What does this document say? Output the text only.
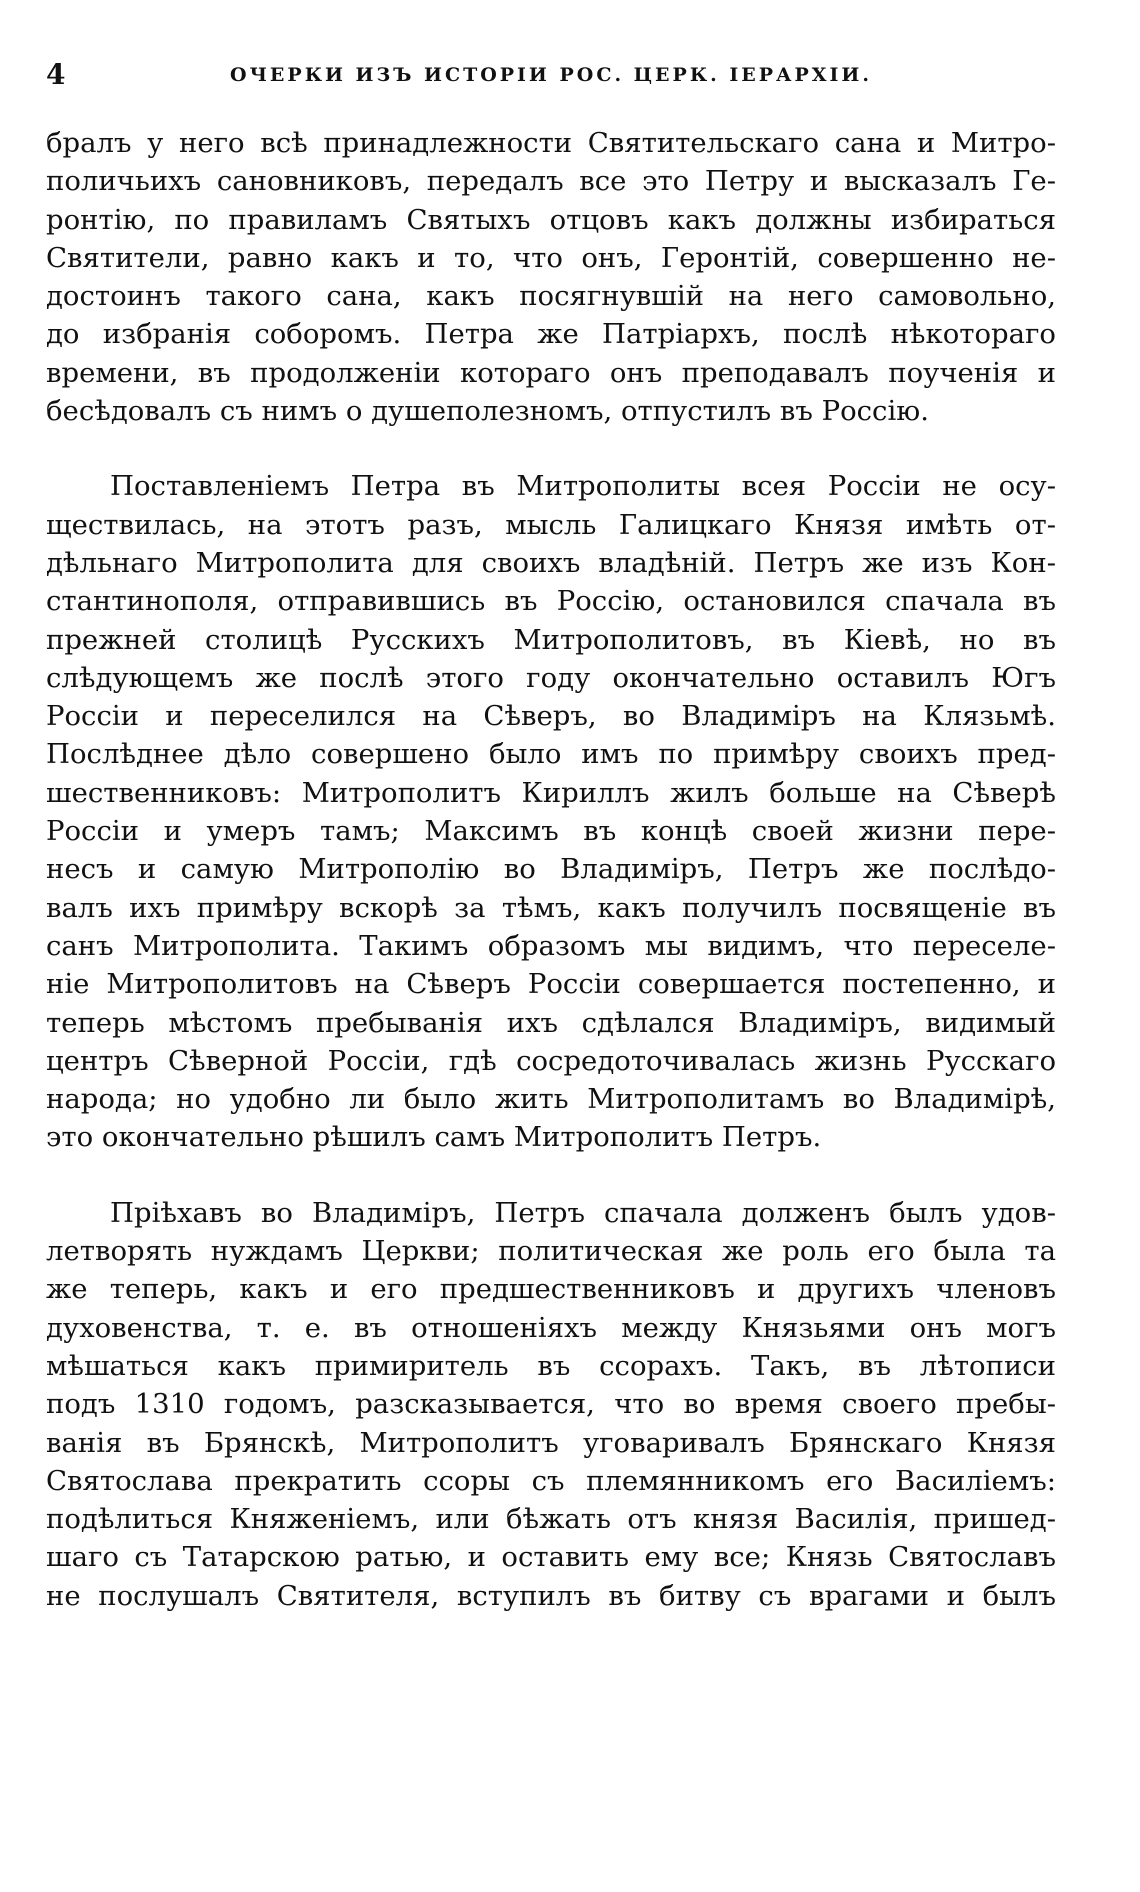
4	ОЧЕРКИ ИЗЪ ИСТОРІИ РОС. ЦЕРК. ІЕРАРХІИ.
бралъ у него всѣ принадлежности Святительскаго сана и Митро-
поличьихъ сановниковъ, передалъ все это Петру и высказалъ Ге-
ронтію, по правиламъ Святыхъ отцовъ какъ должны избираться
Святители, равно какъ и то, что онъ, Геронтій, совершенно не-
достоинъ такого сана, какъ посягнувшій на него самовольно,
до избранія соборомъ. Петра же Патріархъ, послѣ нѣкотораго
времени, въ продолженіи котораго онъ преподавалъ поученія и
бесѣдовалъ съ нимъ о душеполезномъ, отпустилъ въ Россію.
Поставленіемъ Петра въ Митрополиты всея Россіи не осу-
ществилась, на этотъ разъ, мысль Галицкаго Князя имѣть от-
дѣльнаго Митрополита для своихъ владѣній. Петръ же изъ Кон-
стантинополя, отправившись въ Россію, остановился спачала въ
прежней столицѣ Русскихъ Митрополитовъ, въ Кіевѣ, но въ
слѣдующемъ же послѣ этого году окончательно оставилъ Югъ
Россіи и переселился на Сѣверъ, во Владиміръ на Клязьмѣ.
Послѣднее дѣло совершено было имъ по примѣру своихъ пред-
шественниковъ: Митрополитъ Кириллъ жилъ больше на Сѣверѣ
Россіи и умеръ тамъ; Максимъ въ концѣ своей жизни пере-
несъ и самую Митрополію во Владиміръ, Петръ же послѣдо-
валъ ихъ примѣру вскорѣ за тѣмъ, какъ получилъ посвященіе въ
санъ Митрополита. Такимъ образомъ мы видимъ, что переселе-
ніе Митрополитовъ на Сѣверъ Россіи совершается постепенно, и
теперь мѣстомъ пребыванія ихъ сдѣлался Владиміръ, видимый
центръ Сѣверной Россіи, гдѣ сосредоточивалась жизнь Русскаго
народа; но удобно ли было жить Митрополитамъ во Владимірѣ,
это окончательно рѣшилъ самъ Митрополитъ Петръ.
Пріѣхавъ во Владиміръ, Петръ спачала долженъ былъ удов-
летворять нуждамъ Церкви; политическая же роль его была та
же теперь, какъ и его предшественниковъ и другихъ членовъ
духовенства, т. е. въ отношеніяхъ между Князьями онъ могъ
мѣшаться какъ примиритель въ ссорахъ. Такъ, въ лѣтописи
подъ 1310 годомъ, разсказывается, что во время своего пребы-
ванія въ Брянскѣ, Митрополитъ уговаривалъ Брянскаго Князя
Святослава прекратить ссоры съ племянникомъ его Василіемъ:
подѣлиться Княженіемъ, или бѣжать отъ князя Василія, пришед-
шаго съ Татарскою ратью, и оставить ему все; Князь Святославъ
не послушалъ Святителя, вступилъ въ битву съ врагами и былъ
